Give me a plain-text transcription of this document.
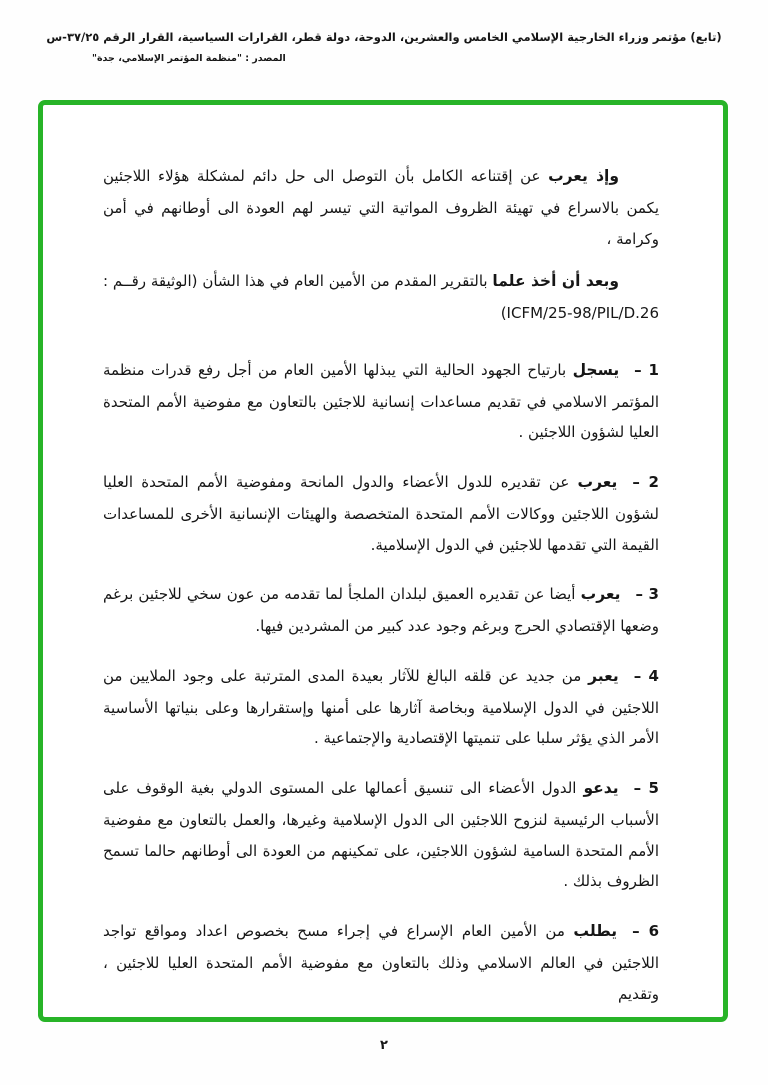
(تابع) مؤتمر وزراء الخارجية الإسلامي الخامس والعشرين، الدوحة، دولة قطر، القرارات السياسية، القرار الرقم ٣٧/٢٥-س
المصدر : "منظمة المؤتمر الإسلامي، جدة"

وإذ يعرب عن إقتناعه الكامل بأن التوصل الى حل دائم لمشكلة هؤلاء اللاجئين يكمن بالاسراع في تهيئة الظروف المواتية التي تيسر لهم العودة الى أوطانهم في أمن وكرامة ،

وبعد أن أخذ علما بالتقرير المقدم من الأمين العام في هذا الشأن (الوثيقة رقــم : ICFM/25-98/PIL/D.26)

1 –يسجل بارتياح الجهود الحالية التي يبذلها الأمين العام من أجل رفع قدرات منظمة المؤتمر الاسلامي في تقديم مساعدات إنسانية للاجئين بالتعاون مع مفوضية الأمم المتحدة العليا لشؤون اللاجئين .

2 –يعرب عن تقديره للدول الأعضاء والدول المانحة ومفوضية الأمم المتحدة العليا لشؤون اللاجئين ووكالات الأمم المتحدة المتخصصة والهيئات الإنسانية الأخرى للمساعدات القيمة التي تقدمها للاجئين في الدول الإسلامية.

3 –يعرب أيضا عن تقديره العميق لبلدان الملجأ لما تقدمه من عون سخي للاجئين برغم وضعها الإقتصادي الحرج وبرغم وجود عدد كبير من المشردين فيها.

4 –يعبر من جديد عن قلقه البالغ للآثار بعيدة المدى المترتبة على وجود الملايين من اللاجئين في الدول الإسلامية وبخاصة آثارها على أمنها وإستقرارها وعلى بنياتها الأساسية الأمر الذي يؤثر سلبا على تنميتها الإقتصادية والإجتماعية .

5 –يدعو الدول الأعضاء الى تنسيق أعمالها على المستوى الدولي بغية الوقوف على الأسباب الرئيسية لنزوح اللاجئين الى الدول الإسلامية وغيرها، والعمل بالتعاون مع مفوضية الأمم المتحدة السامية لشؤون اللاجئين، على تمكينهم من العودة الى أوطانهم حالما تسمح الظروف بذلك .

6 –يطلب من الأمين العام الإسراع في إجراء مسح بخصوص اعداد ومواقع تواجد اللاجئين في العالم الاسلامي وذلك بالتعاون مع مفوضية الأمم المتحدة العليا للاجئين ، وتقديم

٢
